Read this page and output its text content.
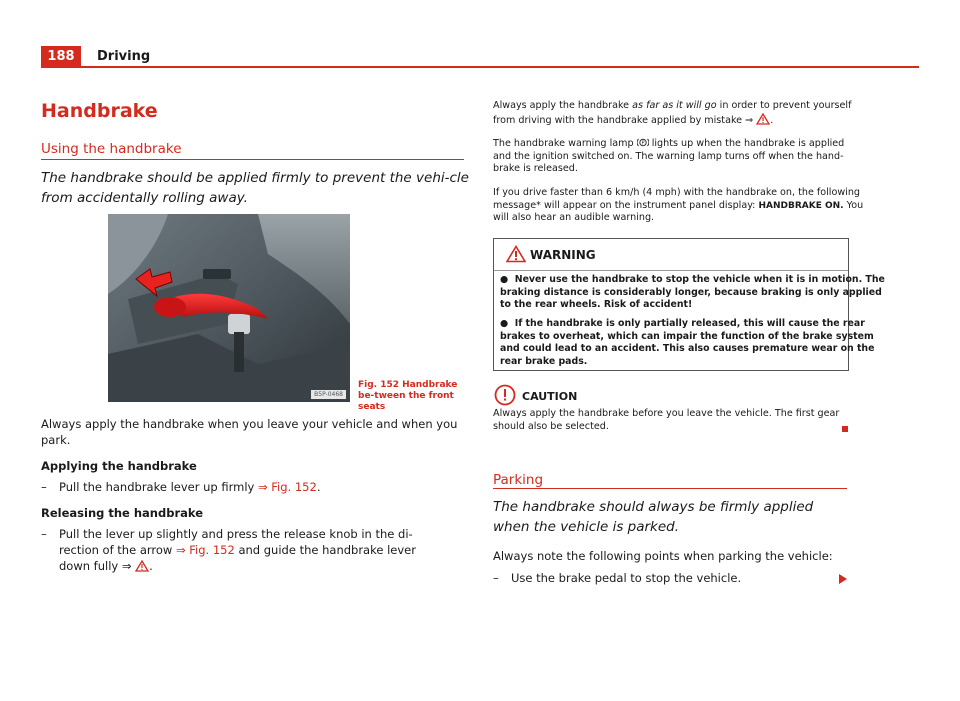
188	Driving
Handbrake
Using the handbrake
The handbrake should be applied firmly to prevent the vehi-cle from accidentally rolling away.
B5P-0468
Fig. 152 Handbrake be-tween the front seats
Always apply the handbrake when you leave your vehicle and when you park.
Applying the handbrake
– Pull the handbrake lever up firmly ⇒ Fig. 152.
Releasing the handbrake
– Pull the lever up slightly and press the release knob in the di-
rection of the arrow ⇒ Fig. 152 and guide the handbrake lever
down fully ⇒ .
Always apply the handbrake as far as it will go in order to prevent yourself
from driving with the handbrake applied by mistake ⇒ .
The handbrake warning lamp P lights up when the handbrake is applied
and the ignition switched on. The warning lamp turns off when the hand-
brake is released.
If you drive faster than 6 km/h (4 mph) with the handbrake on, the following
message* will appear on the instrument panel display: HANDBRAKE ON. You
will also hear an audible warning.
WARNING
● Never use the handbrake to stop the vehicle when it is in motion. The
braking distance is considerably longer, because braking is only applied
to the rear wheels. Risk of accident!
● If the handbrake is only partially released, this will cause the rear
brakes to overheat, which can impair the function of the brake system
and could lead to an accident. This also causes premature wear on the
rear brake pads.
CAUTION
Always apply the handbrake before you leave the vehicle. The first gear
should also be selected.
Parking
The handbrake should always be firmly applied when the vehicle is parked.
Always note the following points when parking the vehicle:
– Use the brake pedal to stop the vehicle.
